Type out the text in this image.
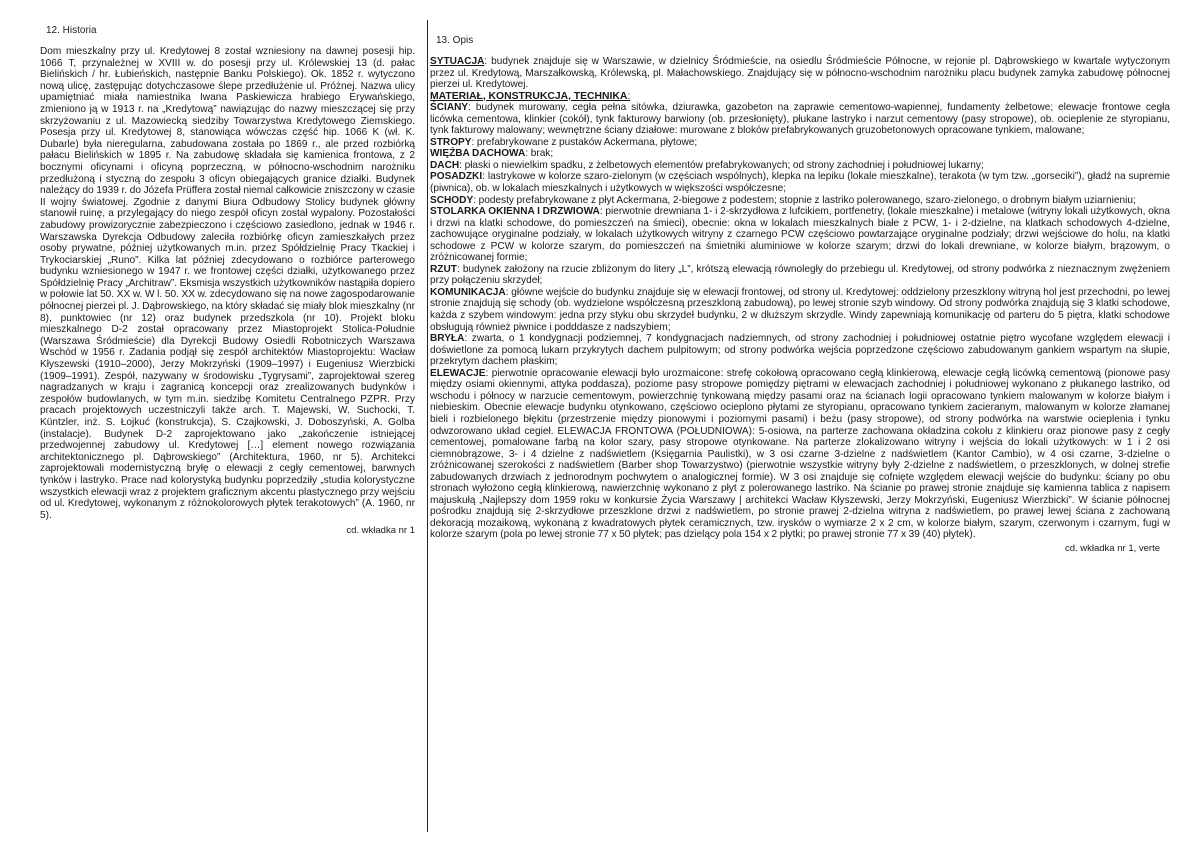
12. Historia

Dom mieszkalny przy ul. Kredytowej 8 został wzniesiony na dawnej posesji hip. 1066 T, przynależnej w XVIII w. do posesji przy ul. Królewskiej 13 (d. pałac Bielińskich / hr. Łubieńskich, następnie Banku Polskiego). Ok. 1852 r. wytyczono nową ulicę, zastępując dotychczasowe ślepe przedłużenie ul. Próżnej. Nazwa ulicy upamiętniać miała namiestnika Iwana Paskiewicza hrabiego Erywańskiego, zmieniono ją w 1913 r. na „Kredytową” nawiązując do nazwy mieszczącej się przy skrzyżowaniu z ul. Mazowiecką siedziby Towarzystwa Kredytowego Ziemskiego. Posesja przy ul. Kredytowej 8, stanowiąca wówczas część hip. 1066 K (wł. K. Dubarle) była nieregularna, zabudowana została po 1869 r., ale przed rozbiórką pałacu Bielińskich w 1895 r. Na zabudowę składała się kamienica frontowa, z 2 bocznymi oficynami i oficyną poprzeczną, w północno-wschodnim narożniku przedłużoną i styczną do zespołu 3 oficyn obiegających granice działki. Budynek należący do 1939 r. do Józefa Prüffera został niemal całkowicie zniszczony w czasie II wojny światowej. Zgodnie z danymi Biura Odbudowy Stolicy budynek główny stanowił ruinę, a przylegający do niego zespół oficyn został wypalony. Pozostałości zabudowy prowizorycznie zabezpieczono i częściowo zasiedlono, jednak w 1946 r. Warszawska Dyrekcja Odbudowy zaleciła rozbiórkę oficyn zamieszkałych przez osoby prywatne, później użytkowanych m.in. przez Spółdzielnię Pracy Tkackiej i Trykociarskiej „Runo”. Kilka lat później zdecydowano o rozbiórce parterowego budynku wzniesionego w 1947 r. we frontowej części działki, użytkowanego przez Spółdzielnię Pracy „Architraw”. Eksmisja wszystkich użytkowników nastąpiła dopiero w połowie lat 50. XX w. W l. 50. XX w. zdecydowano się na nowe zagospodarowanie północnej pierzei pl. J. Dąbrowskiego, na który składać się miały blok mieszkalny (nr 8), punktowiec (nr 12) oraz budynek przedszkola (nr 10). Projekt bloku mieszkalnego D-2 został opracowany przez Miastoprojekt Stolica-Południe (Warszawa Śródmieście) dla Dyrekcji Budowy Osiedli Robotniczych Warszawa Wschód w 1956 r. Zadania podjął się zespół architektów Miastoprojektu: Wacław Kłyszewski (1910–2000), Jerzy Mokrzyński (1909–1997) i Eugeniusz Wierzbicki (1909–1991). Zespół, nazywany w środowisku „Tygrysami”, zaprojektował szereg nagradzanych w kraju i zagranicą koncepcji oraz zrealizowanych budynków i zespołów budowlanych, w tym m.in. siedzibę Komitetu Centralnego PZPR. Przy pracach projektowych uczestniczyli także arch. T. Majewski, W. Suchocki, T. Küntzler, inż. S. Łojkuć (konstrukcja), S. Czajkowski, J. Doboszyński, A. Golba (instalacje). Budynek D-2 zaprojektowano jako „zakończenie istniejącej przedwojennej zabudowy ul. Kredytowej […] element nowego rozwiązania architektonicznego pl. Dąbrowskiego” (Architektura, 1960, nr 5). Architekci zaprojektowali modernistyczną bryłę o elewacji z cegły cementowej, barwnych tynków i lastryko. Prace nad kolorystyką budynku poprzedziły „studia kolorystyczne wszystkich elewacji wraz z projektem graficznym akcentu plastycznego przy wejściu od ul. Kredytowej, wykonanym z różnokolorowych płytek terakotowych” (A. 1960, nr 5).

cd. wkładka nr 1
13. Opis

SYTUACJA: budynek znajduje się w Warszawie, w dzielnicy Śródmieście, na osiedlu Śródmieście Północne, w rejonie pl. Dąbrowskiego w kwartale wytyczonym przez ul. Kredytową, Marszałkowską, Królewską, pl. Małachowskiego. Znajdujący się w północno-wschodnim narożniku placu budynek zamyka zabudowę północnej pierzei ul. Kredytowej.

MATERIAŁ, KONSTRUKCJA, TECHNIKA:

ŚCIANY: budynek murowany, cegła pełna sitówka, dziurawka, gazobeton na zaprawie cementowo-wapiennej, fundamenty żelbetowe; elewacje frontowe cegła licówka cementowa, klinkier (cokół), tynk fakturowy barwiony (ob. przesłonięty), płukane lastryko i narzut cementowy (pasy stropowe), ob. ocieplenie ze styropianu, tynk fakturowy malowany; wewnętrzne ściany działowe: murowane z bloków prefabrykowanych gruzobetonowych opracowane tynkiem, malowane;

STROPY: prefabrykowane z pustaków Ackermana, płytowe;

WIĘŹBA DACHOWA: brak;

DACH: płaski o niewielkim spadku, z żelbetowych elementów prefabrykowanych; od strony zachodniej i południowej lukarny;

POSADZKI: lastrykowe w kolorze szaro-zielonym (w częściach wspólnych), klepka na lepiku (lokale mieszkalne), terakota (w tym tzw. „gorseciki”), gładź na supremie (piwnica), ob. w lokalach mieszkalnych i użytkowych w większości współczesne;

SCHODY: podesty prefabrykowane z płyt Ackermana, 2-biegowe z podestem; stopnie z lastriko polerowanego, szaro-zielonego, o drobnym białym uziarnieniu;

STOLARKA OKIENNA I DRZWIOWA: pierwotnie drewniana 1- i 2-skrzydłowa z lufcikiem, portfenetry, (lokale mieszkalne) i metalowe (witryny lokali użytkowych, okna i drzwi na klatki schodowe, do pomieszczeń na śmieci), obecnie: okna w lokalach mieszkalnych białe z PCW, 1- i 2-dzielne, na klatkach schodowych 4-dzielne, zachowujące oryginalne podziały, w lokalach użytkowych witryny z czarnego PCW częściowo powtarzające oryginalne podziały; drzwi wejściowe do holu, na klatki schodowe z PCW w kolorze szarym, do pomieszczeń na śmietniki aluminiowe w kolorze szarym; drzwi do lokali drewniane, w kolorze białym, brązowym, o zróżnicowanej formie;

RZUT: budynek założony na rzucie zbliżonym do litery „L”, krótszą elewacją równoległy do przebiegu ul. Kredytowej, od strony podwórka z nieznacznym zwężeniem przy połączeniu skrzydeł;

KOMUNIKACJA: główne wejście do budynku znajduje się w elewacji frontowej, od strony ul. Kredytowej: oddzielony przeszklony witryną hol jest przechodni, po lewej stronie znajdują się schody (ob. wydzielone współczesną przeszkloną zabudową), po lewej stronie szyb windowy. Od strony podwórka znajdują się 3 klatki schodowe, każda z szybem windowym: jedna przy styku obu skrzydeł budynku, 2 w dłuższym skrzydle. Windy zapewniają komunikację od parteru do 5 piętra, klatki schodowe obsługują również piwnice i podddasze z nadszybiem;

BRYŁA: zwarta, o 1 kondygnacji podziemnej, 7 kondygnacjach nadziemnych, od strony zachodniej i południowej ostatnie piętro wycofane względem elewacji i doświetlone za pomocą lukarn przykrytych dachem pulpitowym; od strony podwórka wejścia poprzedzone częściowo zabudowanym gankiem wspartym na słupie, przekrytym dachem płaskim;

ELEWACJE: pierwotnie opracowanie elewacji było urozmaicone: strefę cokołową opracowano cegłą klinkierową, elewacje cegłą licówką cementową (pionowe pasy między osiami okiennymi, attyka poddasza), poziome pasy stropowe pomiędzy piętrami w elewacjach zachodniej i południowej wykonano z płukanego lastriko, od wschodu i północy w narzucie cementowym, powierzchnię tynkowaną między pasami oraz na ścianach logii opracowano tynkiem malowanym w kolorze białym i niebieskim. Obecnie elewacje budynku otynkowano, częściowo ocieplono płytami ze styropianu, opracowano tynkiem zacieranym, malowanym w kolorze złamanej bieli i rozbielonego błękitu (przestrzenie między pionowymi i poziomymi pasami) i beżu (pasy stropowe), od strony podwórka na warstwie ocieplenia i tynku odwzorowano układ cegieł. ELEWACJA FRONTOWA (POŁUDNIOWA): 5-osiowa, na parterze zachowana okładzina cokołu z klinkieru oraz pionowe pasy z cegły cementowej, pomalowane farbą na kolor szary, pasy stropowe otynkowane. Na parterze zlokalizowano witryny i wejścia do lokali użytkowych: w 1 i 2 osi ciemnobrązowe, 3- i 4 dzielne z nadświetlem (Księgarnia Paulistki), w 3 osi czarne 3-dzielne z nadświetlem (Kantor Cambio), w 4 osi czarne, 3-dzielne o zróżnicowanej szerokości z nadświetlem (Barber shop Towarzystwo) (pierwotnie wszystkie witryny były 2-dzielne z nadświetlem, o przeszklonych, w dolnej strefie zabudowanych drzwiach z jednorodnym pochwytem o analogicznej formie). W 3 osi znajduje się cofnięte względem elewacji wejście do budynku: ściany po obu stronach wyłożono cegłą klinkierową, nawierzchnię wykonano z płyt z polerowanego lastriko. Na ścianie po prawej stronie znajduje się kamienna tablica z napisem majuskułą „Najlepszy dom 1959 roku w konkursie Życia Warszawy | architekci Wacław Kłyszewski, Jerzy Mokrzyński, Eugeniusz Wierzbicki”. W ścianie północnej pośrodku znajdują się 2-skrzydłowe przeszklone drzwi z nadświetlem, po stronie prawej 2-dzielna witryna z nadświetlem, po prawej lewej ściana z zachowaną dekoracją mozaikową, wykonaną z kwadratowych płytek ceramicznych, tzw. irysków o wymiarze 2 x 2 cm, w kolorze białym, szarym, czerwonym i czarnym, fugi w kolorze szarym (pola po lewej stronie 77 x 50 płytek; pas dzielący pola 154 x 2 płytki; po prawej stronie 77 x 39 (40) płytek).

cd. wkładka nr 1, verte
